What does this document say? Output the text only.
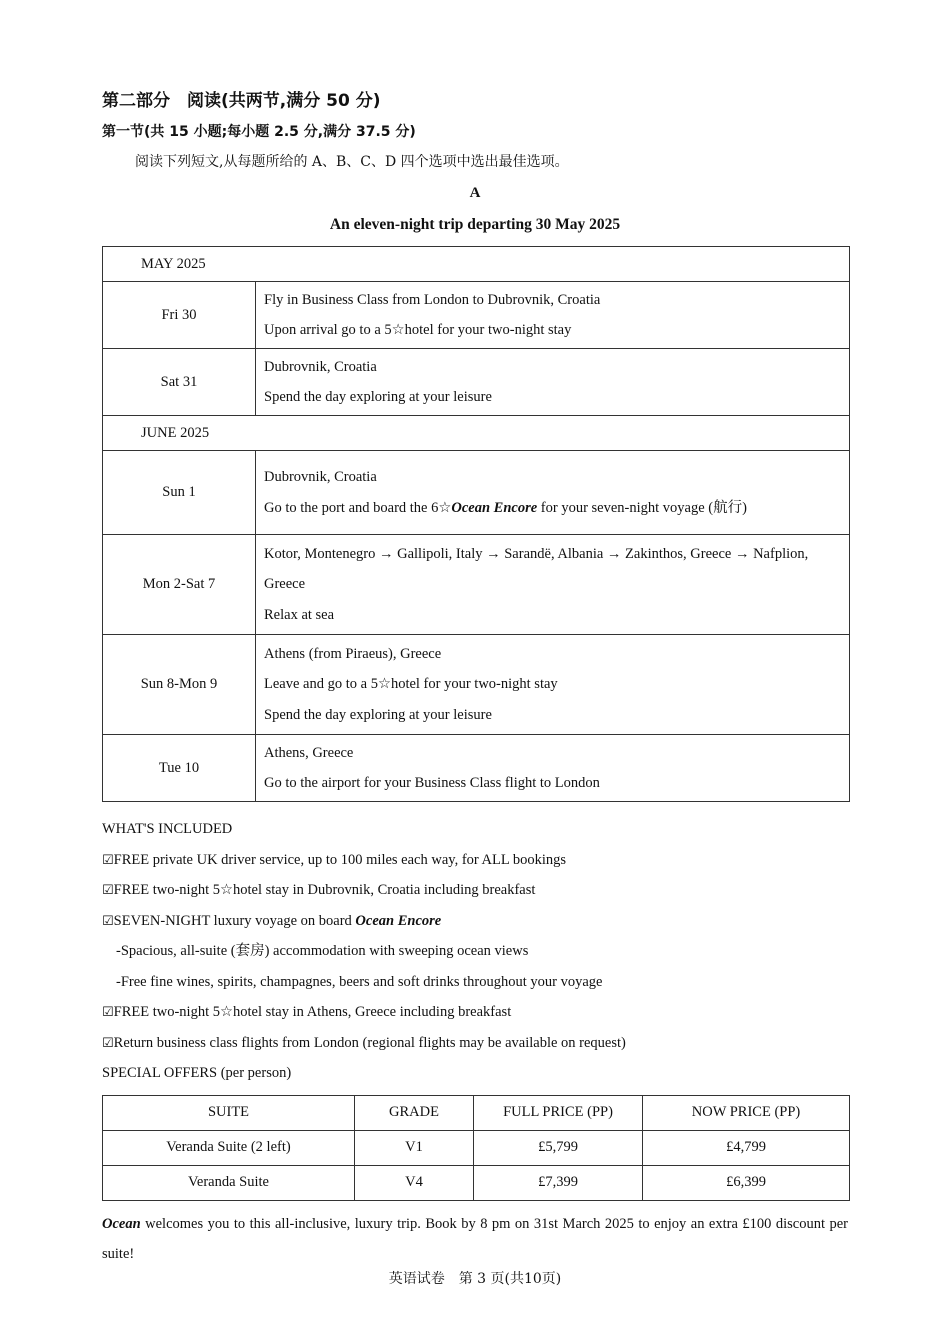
第二部分　阅读(共两节,满分 50 分)
第一节(共 15 小题;每小题 2.5 分,满分 37.5 分)
阅读下列短文,从每题所给的 A、B、C、D 四个选项中选出最佳选项。
A
An eleven-night trip departing 30 May 2025
MAY 2025	
Fri 30	Fly in Business Class from London to Dubrovnik, Croatia
Upon arrival go to a 5☆hotel for your two-night stay

Sat 31	Dubrovnik, Croatia
Spend the day exploring at your leisure

JUNE 2025	
Sun 1	Dubrovnik, Croatia
Go to the port and board the 6☆Ocean Encore for your seven-night voyage (航行)

Mon 2-Sat 7	Kotor, Montenegro → Gallipoli, Italy → Sarandë, Albania → Zakinthos, Greece → Nafplion, Greece
Relax at sea

Sun 8-Mon 9	Athens (from Piraeus), Greece
Leave and go to a 5☆hotel for your two-night stay
Spend the day exploring at your leisure

Tue 10	Athens, Greece
Go to the airport for your Business Class flight to London
WHAT'S INCLUDED
☑FREE private UK driver service, up to 100 miles each way, for ALL bookings
☑FREE two-night 5☆hotel stay in Dubrovnik, Croatia including breakfast
☑SEVEN-NIGHT luxury voyage on board Ocean Encore
-Spacious, all-suite (套房) accommodation with sweeping ocean views
-Free fine wines, spirits, champagnes, beers and soft drinks throughout your voyage
☑FREE two-night 5☆hotel stay in Athens, Greece including breakfast
☑Return business class flights from London (regional flights may be available on request)
SPECIAL OFFERS (per person)
SUITE	GRADE	FULL PRICE (PP)	NOW PRICE (PP)
Veranda Suite (2 left)	V1	£5,799	£4,799
Veranda Suite	V4	£7,399	£6,399
Ocean welcomes you to this all-inclusive, luxury trip. Book by 8 pm on 31st March 2025 to enjoy an extra £100 discount per suite!
英语试卷　第 3 页(共10页)
